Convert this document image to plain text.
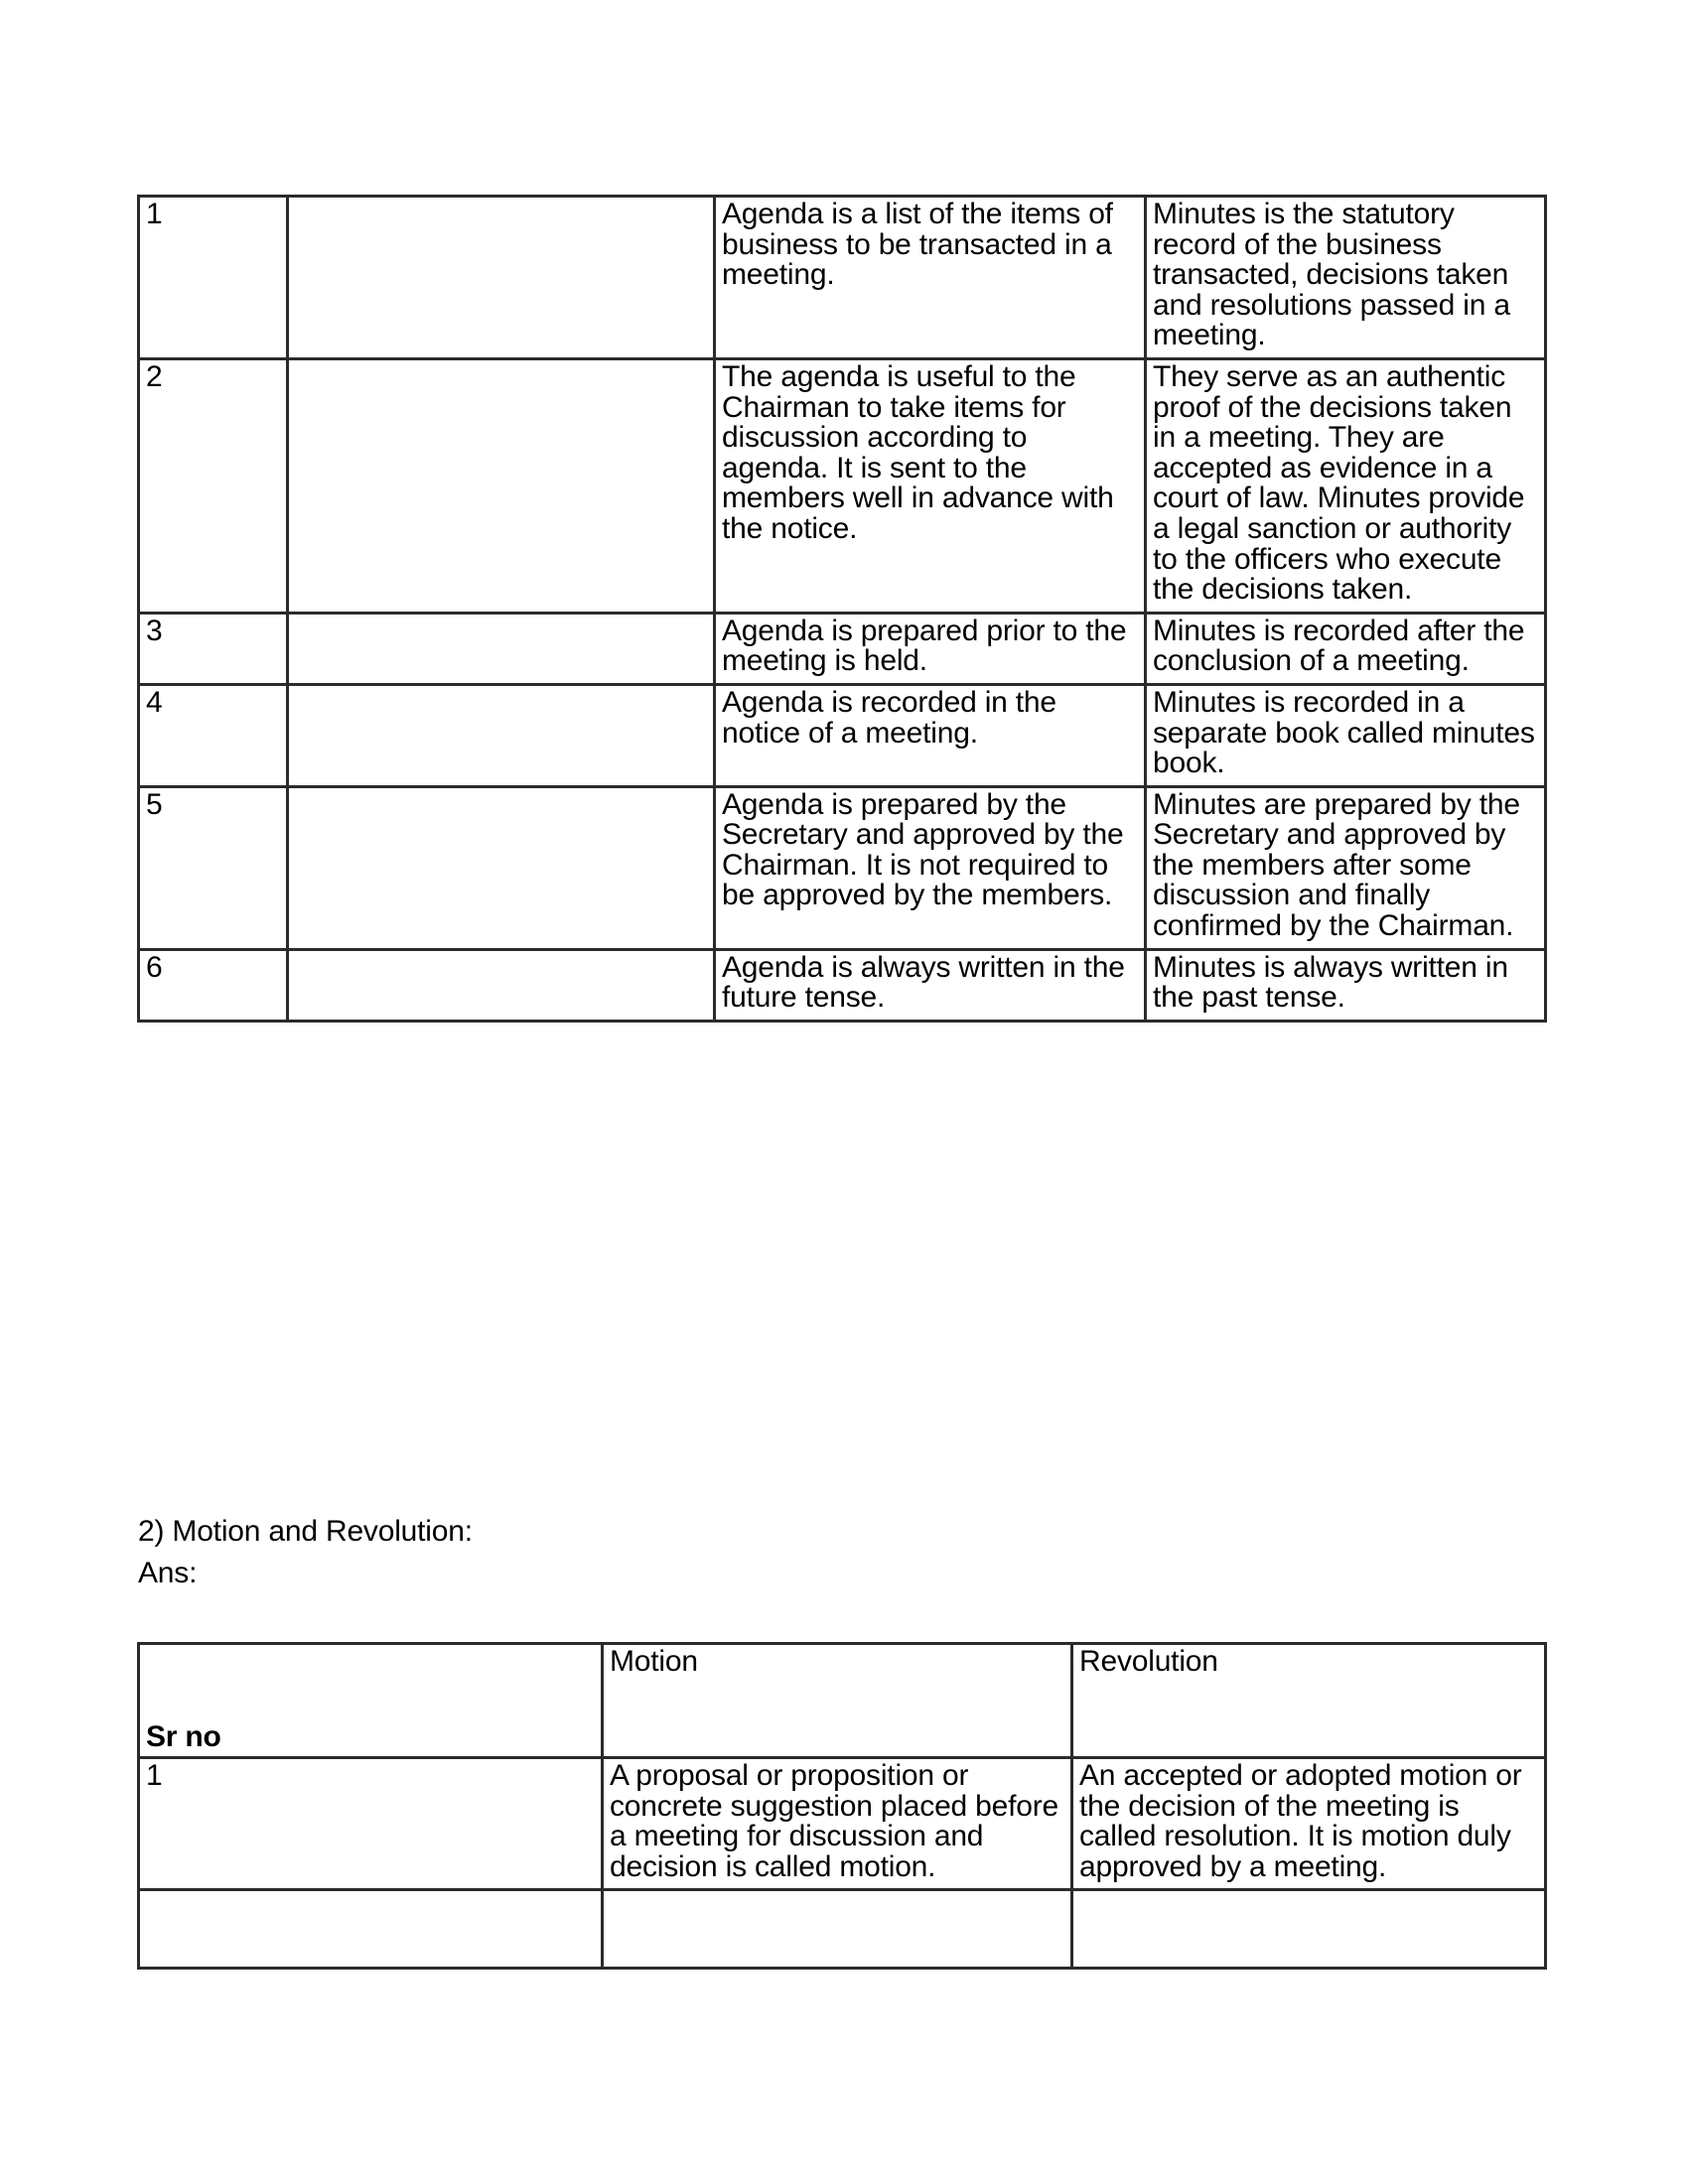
1		Agenda is a list of the items of business to be transacted in a meeting.	Minutes is the statutory record of the business transacted, decisions taken and resolutions passed in a meeting.
2		The agenda is useful to the Chairman to take items for discussion according to agenda. It is sent to the members well in advance with the notice.	They serve as an authentic proof of the decisions taken in a meeting. They are accepted as evidence in a court of law. Minutes provide a legal sanction or authority to the officers who execute the decisions taken.
3		Agenda is prepared prior to the meeting is held.	Minutes is recorded after the conclusion of a meeting.
4		Agenda is recorded in the notice of a meeting.	Minutes is recorded in a separate book called minutes book.
5		Agenda is prepared by the Secretary and approved by the Chairman. It is not required to be approved by the members.	Minutes are prepared by the Secretary and approved by the members after some discussion and finally confirmed by the Chairman.
6		Agenda is always written in the future tense.	Minutes is always written in the past tense.
2) Motion and Revolution:
Ans:
Sr no	Motion	Revolution
1	A proposal or proposition or concrete suggestion placed before a meeting for discussion and decision is called motion.	An accepted or adopted motion or the decision of the meeting is called resolution. It is motion duly approved by a meeting.
